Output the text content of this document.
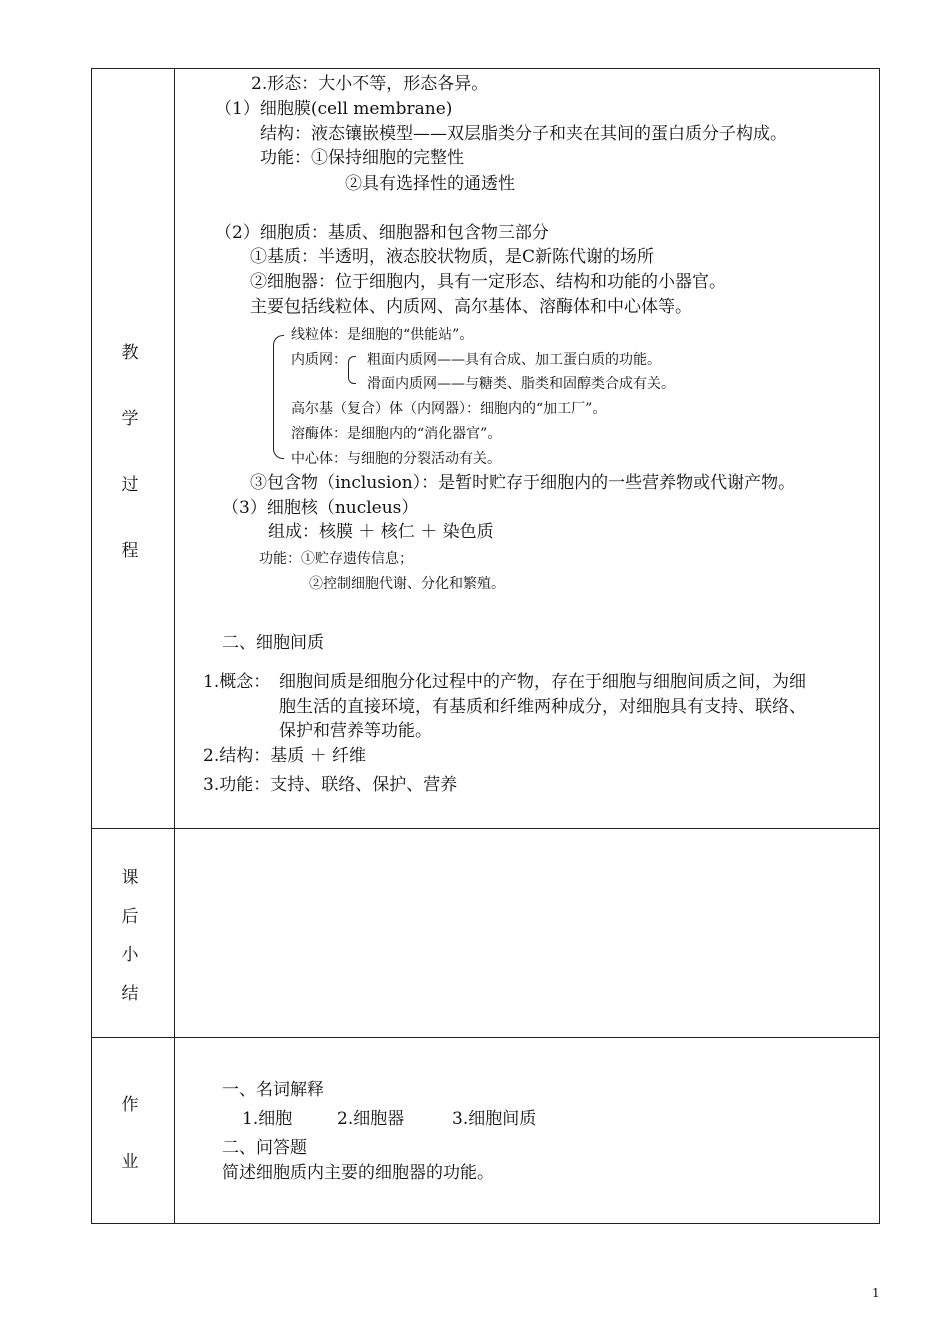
教
学
过
程
课
后
小
结
作
业
2.形态：大小不等，形态各异。
（1）细胞膜(cell membrane)
结构：液态镶嵌模型——双层脂类分子和夹在其间的蛋白质分子构成。
功能：①保持细胞的完整性
②具有选择性的通透性
（2）细胞质：基质、细胞器和包含物三部分
①基质：半透明，液态胶状物质，是C新陈代谢的场所
②细胞器：位于细胞内，具有一定形态、结构和功能的小器官。
主要包括线粒体、内质网、高尔基体、溶酶体和中心体等。
线粒体：是细胞的“供能站”。
内质网： 粗面内质网——具有合成、加工蛋白质的功能。
滑面内质网——与糖类、脂类和固醇类合成有关。
高尔基（复合）体（内网器）：细胞内的“加工厂”。
溶酶体：是细胞内的“消化器官”。
中心体：与细胞的分裂活动有关。
③包含物（inclusion）：是暂时贮存于细胞内的一些营养物或代谢产物。
（3）细胞核（nucleus）
组成：核膜 ＋ 核仁 ＋ 染色质
功能：①贮存遗传信息；
②控制细胞代谢、分化和繁殖。
二、细胞间质
1.概念： 细胞间质是细胞分化过程中的产物，存在于细胞与细胞间质之间，为细
胞生活的直接环境，有基质和纤维两种成分，对细胞具有支持、联络、
保护和营养等功能。
2.结构：基质 ＋ 纤维
3.功能：支持、联络、保护、营养
一、名词解释
1.细胞	2.细胞器	3.细胞间质
二、问答题
简述细胞质内主要的细胞器的功能。
1
